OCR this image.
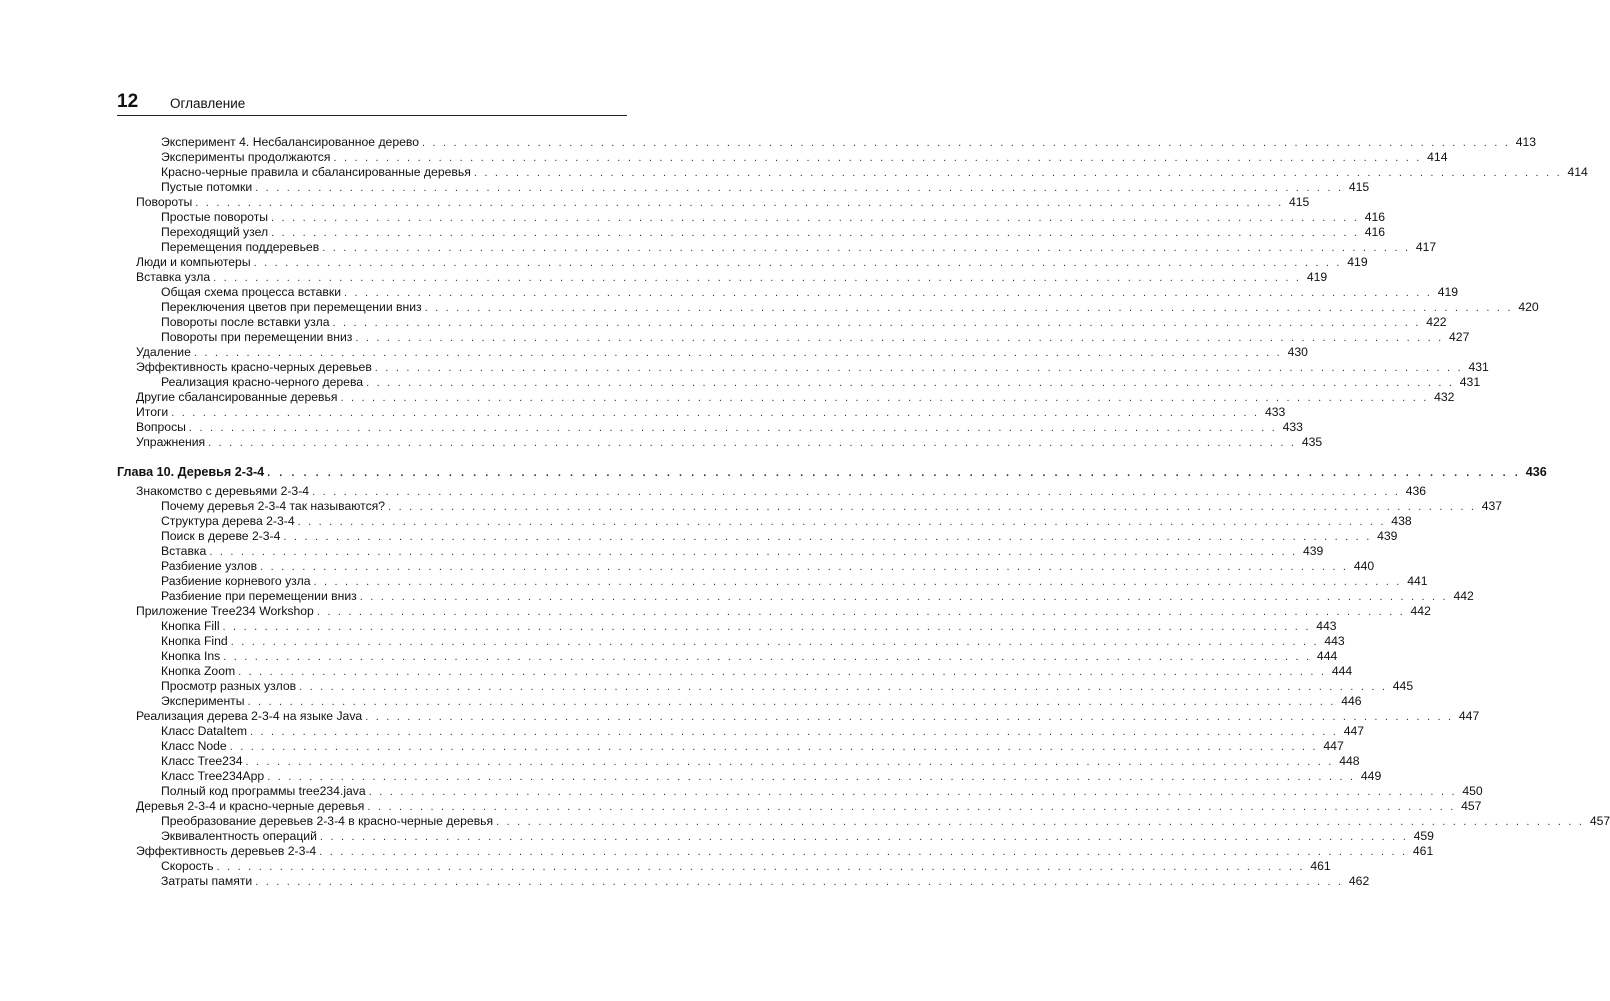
12 Оглавление
Эксперимент 4. Несбалансированное дерево . . . . . . . . . . . . . . . . . . . . . . . . . . . . . . . . . . . . . . . . . . . . . . . . . . . . . . . . . . . . . . . . . . . . . . . . . . . . . . . . . . . . . . . . . . . . . . . . . . . . . . . . 413
Эксперименты продолжаются . . . . . . . . . . . . . . . . . . . . . . . . . . . . . . . . . . . . . . . . . . . . . . . . . . . . . . . . . . . . . . . . . . . . . . . . . . . . . . . . . . . . . . . . . . . . . . . . . . . . . . . . 414
Красно-черные правила и сбалансированные деревья . . . . . . . . . . . . . . . . . . . . . . . . . . . . . . . . . . . . . . . . . . . . . . . . . . . . . . . . . . . . . . . . . . . . . . . . . . . . . . . . . . . . . . . . . . . . . . . . . . . . . . . . 414
Пустые потомки . . . . . . . . . . . . . . . . . . . . . . . . . . . . . . . . . . . . . . . . . . . . . . . . . . . . . . . . . . . . . . . . . . . . . . . . . . . . . . . . . . . . . . . . . . . . . . . . . . . . . . . . 415
Повороты . . . . . . . . . . . . . . . . . . . . . . . . . . . . . . . . . . . . . . . . . . . . . . . . . . . . . . . . . . . . . . . . . . . . . . . . . . . . . . . . . . . . . . . . . . . . . . . . . . . . . . . . 415
Простые повороты . . . . . . . . . . . . . . . . . . . . . . . . . . . . . . . . . . . . . . . . . . . . . . . . . . . . . . . . . . . . . . . . . . . . . . . . . . . . . . . . . . . . . . . . . . . . . . . . . . . . . . . . 416
Переходящий узел . . . . . . . . . . . . . . . . . . . . . . . . . . . . . . . . . . . . . . . . . . . . . . . . . . . . . . . . . . . . . . . . . . . . . . . . . . . . . . . . . . . . . . . . . . . . . . . . . . . . . . . . 416
Перемещения поддеревьев . . . . . . . . . . . . . . . . . . . . . . . . . . . . . . . . . . . . . . . . . . . . . . . . . . . . . . . . . . . . . . . . . . . . . . . . . . . . . . . . . . . . . . . . . . . . . . . . . . . . . . . . 417
Люди и компьютеры . . . . . . . . . . . . . . . . . . . . . . . . . . . . . . . . . . . . . . . . . . . . . . . . . . . . . . . . . . . . . . . . . . . . . . . . . . . . . . . . . . . . . . . . . . . . . . . . . . . . . . . . 419
Вставка узла . . . . . . . . . . . . . . . . . . . . . . . . . . . . . . . . . . . . . . . . . . . . . . . . . . . . . . . . . . . . . . . . . . . . . . . . . . . . . . . . . . . . . . . . . . . . . . . . . . . . . . . . 419
Общая схема процесса вставки . . . . . . . . . . . . . . . . . . . . . . . . . . . . . . . . . . . . . . . . . . . . . . . . . . . . . . . . . . . . . . . . . . . . . . . . . . . . . . . . . . . . . . . . . . . . . . . . . . . . . . . . 419
Переключения цветов при перемещении вниз . . . . . . . . . . . . . . . . . . . . . . . . . . . . . . . . . . . . . . . . . . . . . . . . . . . . . . . . . . . . . . . . . . . . . . . . . . . . . . . . . . . . . . . . . . . . . . . . . . . . . . . . 420
Повороты после вставки узла . . . . . . . . . . . . . . . . . . . . . . . . . . . . . . . . . . . . . . . . . . . . . . . . . . . . . . . . . . . . . . . . . . . . . . . . . . . . . . . . . . . . . . . . . . . . . . . . . . . . . . . . 422
Повороты при перемещении вниз . . . . . . . . . . . . . . . . . . . . . . . . . . . . . . . . . . . . . . . . . . . . . . . . . . . . . . . . . . . . . . . . . . . . . . . . . . . . . . . . . . . . . . . . . . . . . . . . . . . . . . . . 427
Удаление . . . . . . . . . . . . . . . . . . . . . . . . . . . . . . . . . . . . . . . . . . . . . . . . . . . . . . . . . . . . . . . . . . . . . . . . . . . . . . . . . . . . . . . . . . . . . . . . . . . . . . . . 430
Эффективность красно-черных деревьев . . . . . . . . . . . . . . . . . . . . . . . . . . . . . . . . . . . . . . . . . . . . . . . . . . . . . . . . . . . . . . . . . . . . . . . . . . . . . . . . . . . . . . . . . . . . . . . . . . . . . . . . 431
Реализация красно-черного дерева . . . . . . . . . . . . . . . . . . . . . . . . . . . . . . . . . . . . . . . . . . . . . . . . . . . . . . . . . . . . . . . . . . . . . . . . . . . . . . . . . . . . . . . . . . . . . . . . . . . . . . . . 431
Другие сбалансированные деревья . . . . . . . . . . . . . . . . . . . . . . . . . . . . . . . . . . . . . . . . . . . . . . . . . . . . . . . . . . . . . . . . . . . . . . . . . . . . . . . . . . . . . . . . . . . . . . . . . . . . . . . . 432
Итоги . . . . . . . . . . . . . . . . . . . . . . . . . . . . . . . . . . . . . . . . . . . . . . . . . . . . . . . . . . . . . . . . . . . . . . . . . . . . . . . . . . . . . . . . . . . . . . . . . . . . . . . . 433
Вопросы . . . . . . . . . . . . . . . . . . . . . . . . . . . . . . . . . . . . . . . . . . . . . . . . . . . . . . . . . . . . . . . . . . . . . . . . . . . . . . . . . . . . . . . . . . . . . . . . . . . . . . . . 433
Упражнения . . . . . . . . . . . . . . . . . . . . . . . . . . . . . . . . . . . . . . . . . . . . . . . . . . . . . . . . . . . . . . . . . . . . . . . . . . . . . . . . . . . . . . . . . . . . . . . . . . . . . . . . 435
Глава 10. Деревья 2-3-4 . . . . . . . . . . . . . . . . . . . . . . . . . . . . . . . . . . . . . . . . . . . . . . . . . . . . . . . . . . . . . . . . . . . . . . . . . . . . . . . . . . . . . . . . . . . . . . . . . . . . . . . . 436
Знакомство с деревьями 2-3-4 . . . . . . . . . . . . . . . . . . . . . . . . . . . . . . . . . . . . . . . . . . . . . . . . . . . . . . . . . . . . . . . . . . . . . . . . . . . . . . . . . . . . . . . . . . . . . . . . . . . . . . . . 436
Почему деревья 2-3-4 так называются? . . . . . . . . . . . . . . . . . . . . . . . . . . . . . . . . . . . . . . . . . . . . . . . . . . . . . . . . . . . . . . . . . . . . . . . . . . . . . . . . . . . . . . . . . . . . . . . . . . . . . . . . 437
Структура дерева 2-3-4 . . . . . . . . . . . . . . . . . . . . . . . . . . . . . . . . . . . . . . . . . . . . . . . . . . . . . . . . . . . . . . . . . . . . . . . . . . . . . . . . . . . . . . . . . . . . . . . . . . . . . . . . 438
Поиск в дереве 2-3-4 . . . . . . . . . . . . . . . . . . . . . . . . . . . . . . . . . . . . . . . . . . . . . . . . . . . . . . . . . . . . . . . . . . . . . . . . . . . . . . . . . . . . . . . . . . . . . . . . . . . . . . . . 439
Вставка . . . . . . . . . . . . . . . . . . . . . . . . . . . . . . . . . . . . . . . . . . . . . . . . . . . . . . . . . . . . . . . . . . . . . . . . . . . . . . . . . . . . . . . . . . . . . . . . . . . . . . . . 439
Разбиение узлов . . . . . . . . . . . . . . . . . . . . . . . . . . . . . . . . . . . . . . . . . . . . . . . . . . . . . . . . . . . . . . . . . . . . . . . . . . . . . . . . . . . . . . . . . . . . . . . . . . . . . . . . 440
Разбиение корневого узла . . . . . . . . . . . . . . . . . . . . . . . . . . . . . . . . . . . . . . . . . . . . . . . . . . . . . . . . . . . . . . . . . . . . . . . . . . . . . . . . . . . . . . . . . . . . . . . . . . . . . . . . 441
Разбиение при перемещении вниз . . . . . . . . . . . . . . . . . . . . . . . . . . . . . . . . . . . . . . . . . . . . . . . . . . . . . . . . . . . . . . . . . . . . . . . . . . . . . . . . . . . . . . . . . . . . . . . . . . . . . . . . 442
Приложение Tree234 Workshop . . . . . . . . . . . . . . . . . . . . . . . . . . . . . . . . . . . . . . . . . . . . . . . . . . . . . . . . . . . . . . . . . . . . . . . . . . . . . . . . . . . . . . . . . . . . . . . . . . . . . . . . 442
Кнопка Fill . . . . . . . . . . . . . . . . . . . . . . . . . . . . . . . . . . . . . . . . . . . . . . . . . . . . . . . . . . . . . . . . . . . . . . . . . . . . . . . . . . . . . . . . . . . . . . . . . . . . . . . . 443
Кнопка Find . . . . . . . . . . . . . . . . . . . . . . . . . . . . . . . . . . . . . . . . . . . . . . . . . . . . . . . . . . . . . . . . . . . . . . . . . . . . . . . . . . . . . . . . . . . . . . . . . . . . . . . . 443
Кнопка Ins . . . . . . . . . . . . . . . . . . . . . . . . . . . . . . . . . . . . . . . . . . . . . . . . . . . . . . . . . . . . . . . . . . . . . . . . . . . . . . . . . . . . . . . . . . . . . . . . . . . . . . . . 444
Кнопка Zoom . . . . . . . . . . . . . . . . . . . . . . . . . . . . . . . . . . . . . . . . . . . . . . . . . . . . . . . . . . . . . . . . . . . . . . . . . . . . . . . . . . . . . . . . . . . . . . . . . . . . . . . . 444
Просмотр разных узлов . . . . . . . . . . . . . . . . . . . . . . . . . . . . . . . . . . . . . . . . . . . . . . . . . . . . . . . . . . . . . . . . . . . . . . . . . . . . . . . . . . . . . . . . . . . . . . . . . . . . . . . . 445
Эксперименты . . . . . . . . . . . . . . . . . . . . . . . . . . . . . . . . . . . . . . . . . . . . . . . . . . . . . . . . . . . . . . . . . . . . . . . . . . . . . . . . . . . . . . . . . . . . . . . . . . . . . . . . 446
Реализация дерева 2-3-4 на языке Java . . . . . . . . . . . . . . . . . . . . . . . . . . . . . . . . . . . . . . . . . . . . . . . . . . . . . . . . . . . . . . . . . . . . . . . . . . . . . . . . . . . . . . . . . . . . . . . . . . . . . . . . 447
Класс DataItem . . . . . . . . . . . . . . . . . . . . . . . . . . . . . . . . . . . . . . . . . . . . . . . . . . . . . . . . . . . . . . . . . . . . . . . . . . . . . . . . . . . . . . . . . . . . . . . . . . . . . . . . 447
Класс Node . . . . . . . . . . . . . . . . . . . . . . . . . . . . . . . . . . . . . . . . . . . . . . . . . . . . . . . . . . . . . . . . . . . . . . . . . . . . . . . . . . . . . . . . . . . . . . . . . . . . . . . . 447
Класс Tree234 . . . . . . . . . . . . . . . . . . . . . . . . . . . . . . . . . . . . . . . . . . . . . . . . . . . . . . . . . . . . . . . . . . . . . . . . . . . . . . . . . . . . . . . . . . . . . . . . . . . . . . . . 448
Класс Tree234App . . . . . . . . . . . . . . . . . . . . . . . . . . . . . . . . . . . . . . . . . . . . . . . . . . . . . . . . . . . . . . . . . . . . . . . . . . . . . . . . . . . . . . . . . . . . . . . . . . . . . . . . 449
Полный код программы tree234.java . . . . . . . . . . . . . . . . . . . . . . . . . . . . . . . . . . . . . . . . . . . . . . . . . . . . . . . . . . . . . . . . . . . . . . . . . . . . . . . . . . . . . . . . . . . . . . . . . . . . . . . . 450
Деревья 2-3-4 и красно-черные деревья . . . . . . . . . . . . . . . . . . . . . . . . . . . . . . . . . . . . . . . . . . . . . . . . . . . . . . . . . . . . . . . . . . . . . . . . . . . . . . . . . . . . . . . . . . . . . . . . . . . . . . . . 457
Преобразование деревьев 2-3-4 в красно-черные деревья . . . . . . . . . . . . . . . . . . . . . . . . . . . . . . . . . . . . . . . . . . . . . . . . . . . . . . . . . . . . . . . . . . . . . . . . . . . . . . . . . . . . . . . . . . . . . . . . . . . . . . . . 457
Эквивалентность операций . . . . . . . . . . . . . . . . . . . . . . . . . . . . . . . . . . . . . . . . . . . . . . . . . . . . . . . . . . . . . . . . . . . . . . . . . . . . . . . . . . . . . . . . . . . . . . . . . . . . . . . . 459
Эффективность деревьев 2-3-4 . . . . . . . . . . . . . . . . . . . . . . . . . . . . . . . . . . . . . . . . . . . . . . . . . . . . . . . . . . . . . . . . . . . . . . . . . . . . . . . . . . . . . . . . . . . . . . . . . . . . . . . . 461
Скорость . . . . . . . . . . . . . . . . . . . . . . . . . . . . . . . . . . . . . . . . . . . . . . . . . . . . . . . . . . . . . . . . . . . . . . . . . . . . . . . . . . . . . . . . . . . . . . . . . . . . . . . . 461
Затраты памяти . . . . . . . . . . . . . . . . . . . . . . . . . . . . . . . . . . . . . . . . . . . . . . . . . . . . . . . . . . . . . . . . . . . . . . . . . . . . . . . . . . . . . . . . . . . . . . . . . . . . . . . . 462
